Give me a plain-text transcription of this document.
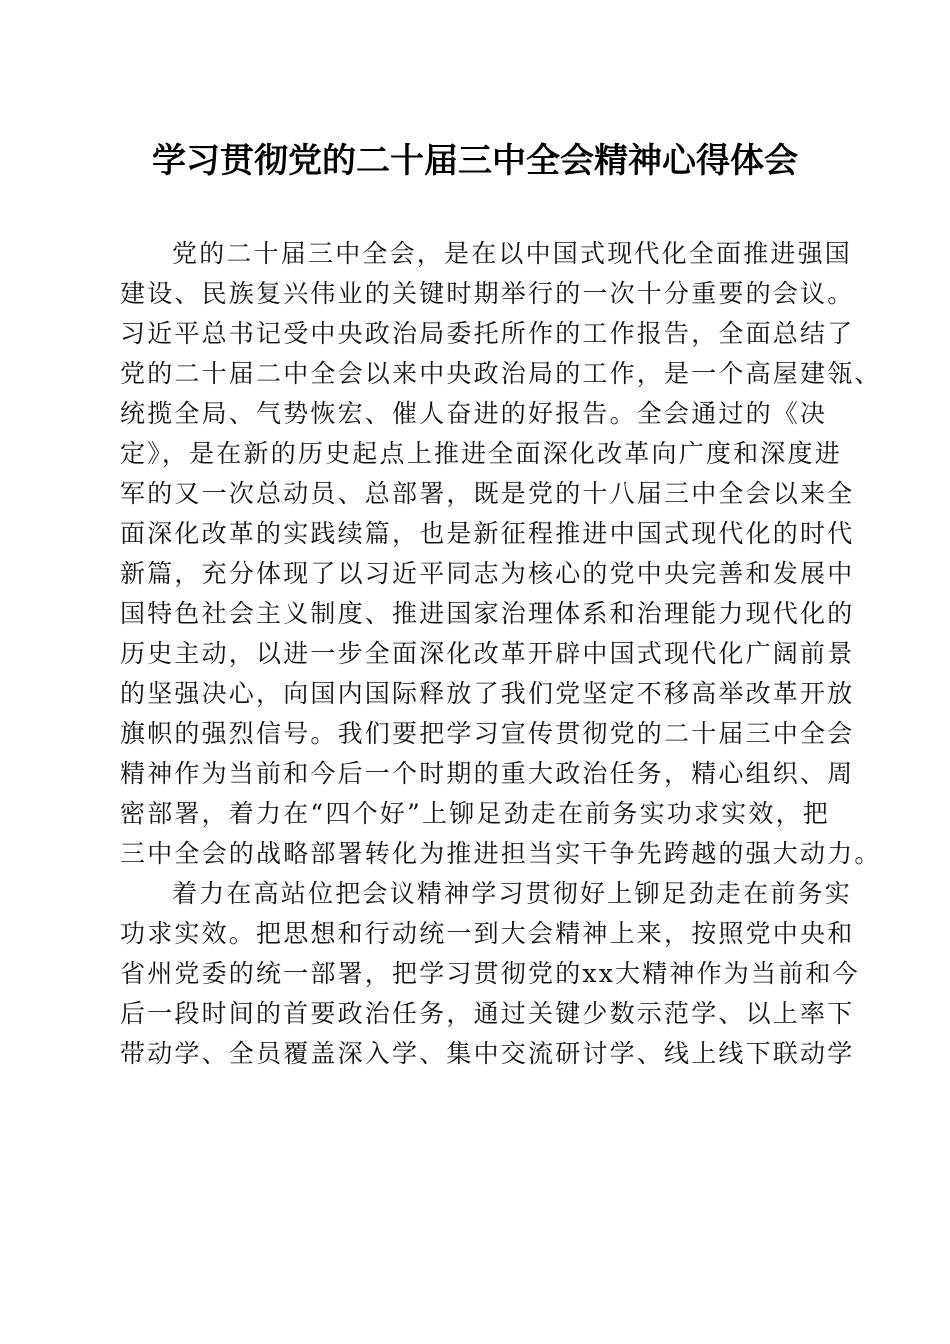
学习贯彻党的二十届三中全会精神心得体会
党的二十届三中全会，是在以中国式现代化全面推进强国
建设、民族复兴伟业的关键时期举行的一次十分重要的会议。
习近平总书记受中央政治局委托所作的工作报告，全面总结了
党的二十届二中全会以来中央政治局的工作，是一个高屋建瓴、
统揽全局、气势恢宏、催人奋进的好报告。全会通过的《决
定》，是在新的历史起点上推进全面深化改革向广度和深度进
军的又一次总动员、总部署，既是党的十八届三中全会以来全
面深化改革的实践续篇，也是新征程推进中国式现代化的时代
新篇，充分体现了以习近平同志为核心的党中央完善和发展中
国特色社会主义制度、推进国家治理体系和治理能力现代化的
历史主动，以进一步全面深化改革开辟中国式现代化广阔前景
的坚强决心，向国内国际释放了我们党坚定不移高举改革开放
旗帜的强烈信号。我们要把学习宣传贯彻党的二十届三中全会
精神作为当前和今后一个时期的重大政治任务，精心组织、周
密部署，着力在“四个好”上铆足劲走在前务实功求实效，把
三中全会的战略部署转化为推进担当实干争先跨越的强大动力。
着力在高站位把会议精神学习贯彻好上铆足劲走在前务实
功求实效。把思想和行动统一到大会精神上来，按照党中央和
省州党委的统一部署，把学习贯彻党的xx大精神作为当前和今
后一段时间的首要政治任务，通过关键少数示范学、以上率下
带动学、全员覆盖深入学、集中交流研讨学、线上线下联动学
